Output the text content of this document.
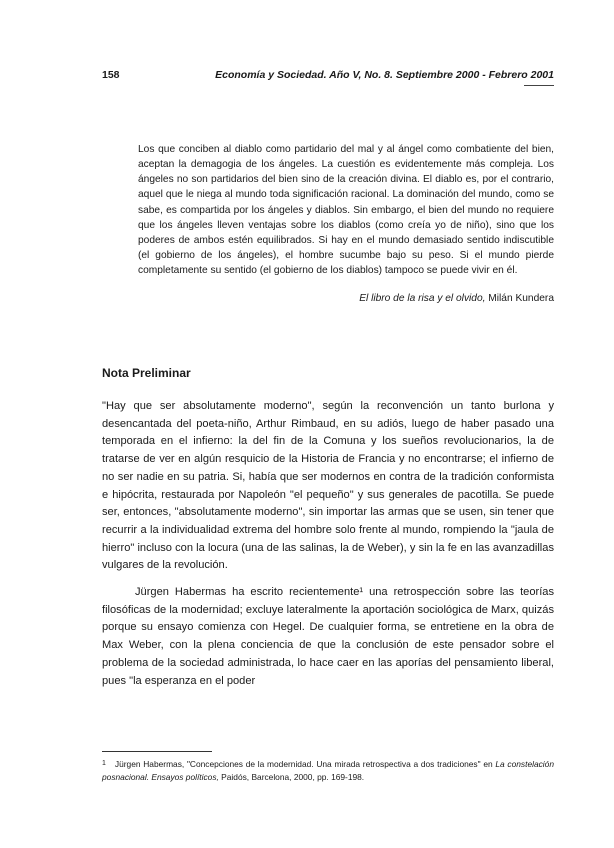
158	Economía y Sociedad. Año V, No. 8. Septiembre 2000 - Febrero 2001
Los que conciben al diablo como partidario del mal y al ángel como combatiente del bien, aceptan la demagogia de los ángeles. La cuestión es evidentemente más compleja. Los ángeles no son partidarios del bien sino de la creación divina. El diablo es, por el contrario, aquel que le niega al mundo toda significación racional. La dominación del mundo, como se sabe, es compartida por los ángeles y diablos. Sin embargo, el bien del mundo no requiere que los ángeles lleven ventajas sobre los diablos (como creía yo de niño), sino que los poderes de ambos estén equilibrados. Si hay en el mundo demasiado sentido indiscutible (el gobierno de los ángeles), el hombre sucumbe bajo su peso. Si el mundo pierde completamente su sentido (el gobierno de los diablos) tampoco se puede vivir en él.
El libro de la risa y el olvido, Milán Kundera
Nota Preliminar

"Hay que ser absolutamente moderno", según la reconvención un tanto burlona y desencantada del poeta-niño, Arthur Rimbaud, en su adiós, luego de haber pasado una temporada en el infierno: la del fin de la Comuna y los sueños revolucionarios, la de tratarse de ver en algún resquicio de la Historia de Francia y no encontrarse; el infierno de no ser nadie en su patria. Si, había que ser modernos en contra de la tradición conformista e hipócrita, restaurada por Napoleón "el pequeño" y sus generales de pacotilla. Se puede ser, entonces, "absolutamente moderno", sin importar las armas que se usen, sin tener que recurrir a la individualidad extrema del hombre solo frente al mundo, rompiendo la "jaula de hierro" incluso con la locura (una de las salinas, la de Weber), y sin la fe en las avanzadillas vulgares de la revolución.

Jürgen Habermas ha escrito recientemente¹ una retrospección sobre las teorías filosóficas de la modernidad; excluye lateralmente la aportación sociológica de Marx, quizás porque su ensayo comienza con Hegel. De cualquier forma, se entretiene en la obra de Max Weber, con la plena conciencia de que la conclusión de este pensador sobre el problema de la sociedad administrada, lo hace caer en las aporías del pensamiento liberal, pues "la esperanza en el poder

$^1$ Jürgen Habermas, "Concepciones de la modernidad. Una mirada retrospectiva a dos tradiciones" en La constelación posnacional. Ensayos políticos, Paidós, Barcelona, 2000, pp. 169-198.
